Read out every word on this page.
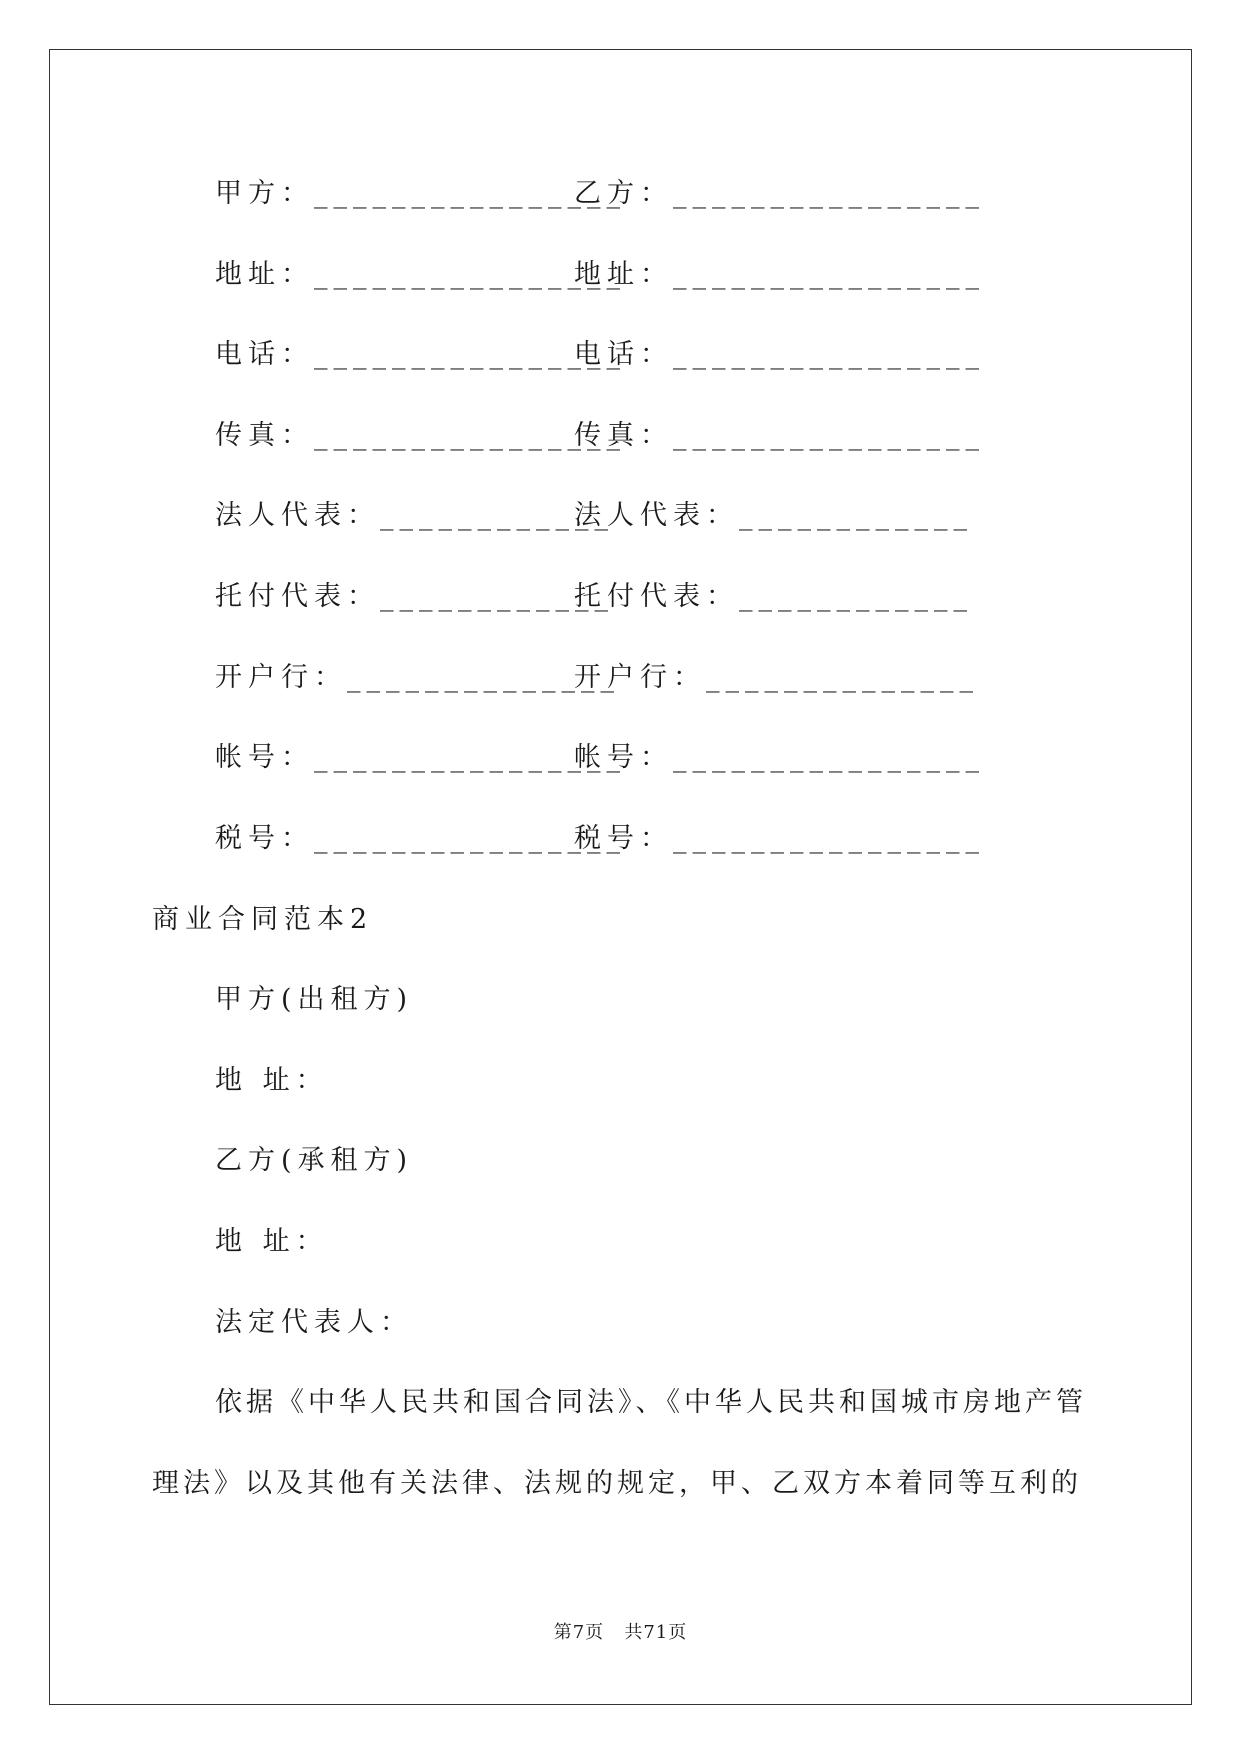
甲方：________________
乙方：________________
地址：________________
地址：________________
电话：________________
电话：________________
传真：________________
传真：________________
法人代表：____________
法人代表：____________
托付代表：____________
托付代表：____________
开户行：______________
开户行：______________
帐号：________________
帐号：________________
税号：________________
税号：________________
商业合同范本2
甲方(出租方)
地 址：
乙方(承租方)
地 址：
法定代表人：
依据《中华人民共和国合同法》、《中华人民共和国城市房地产管
理法》以及其他有关法律、法规的规定，甲、乙双方本着同等互利的
第7页 共71页
